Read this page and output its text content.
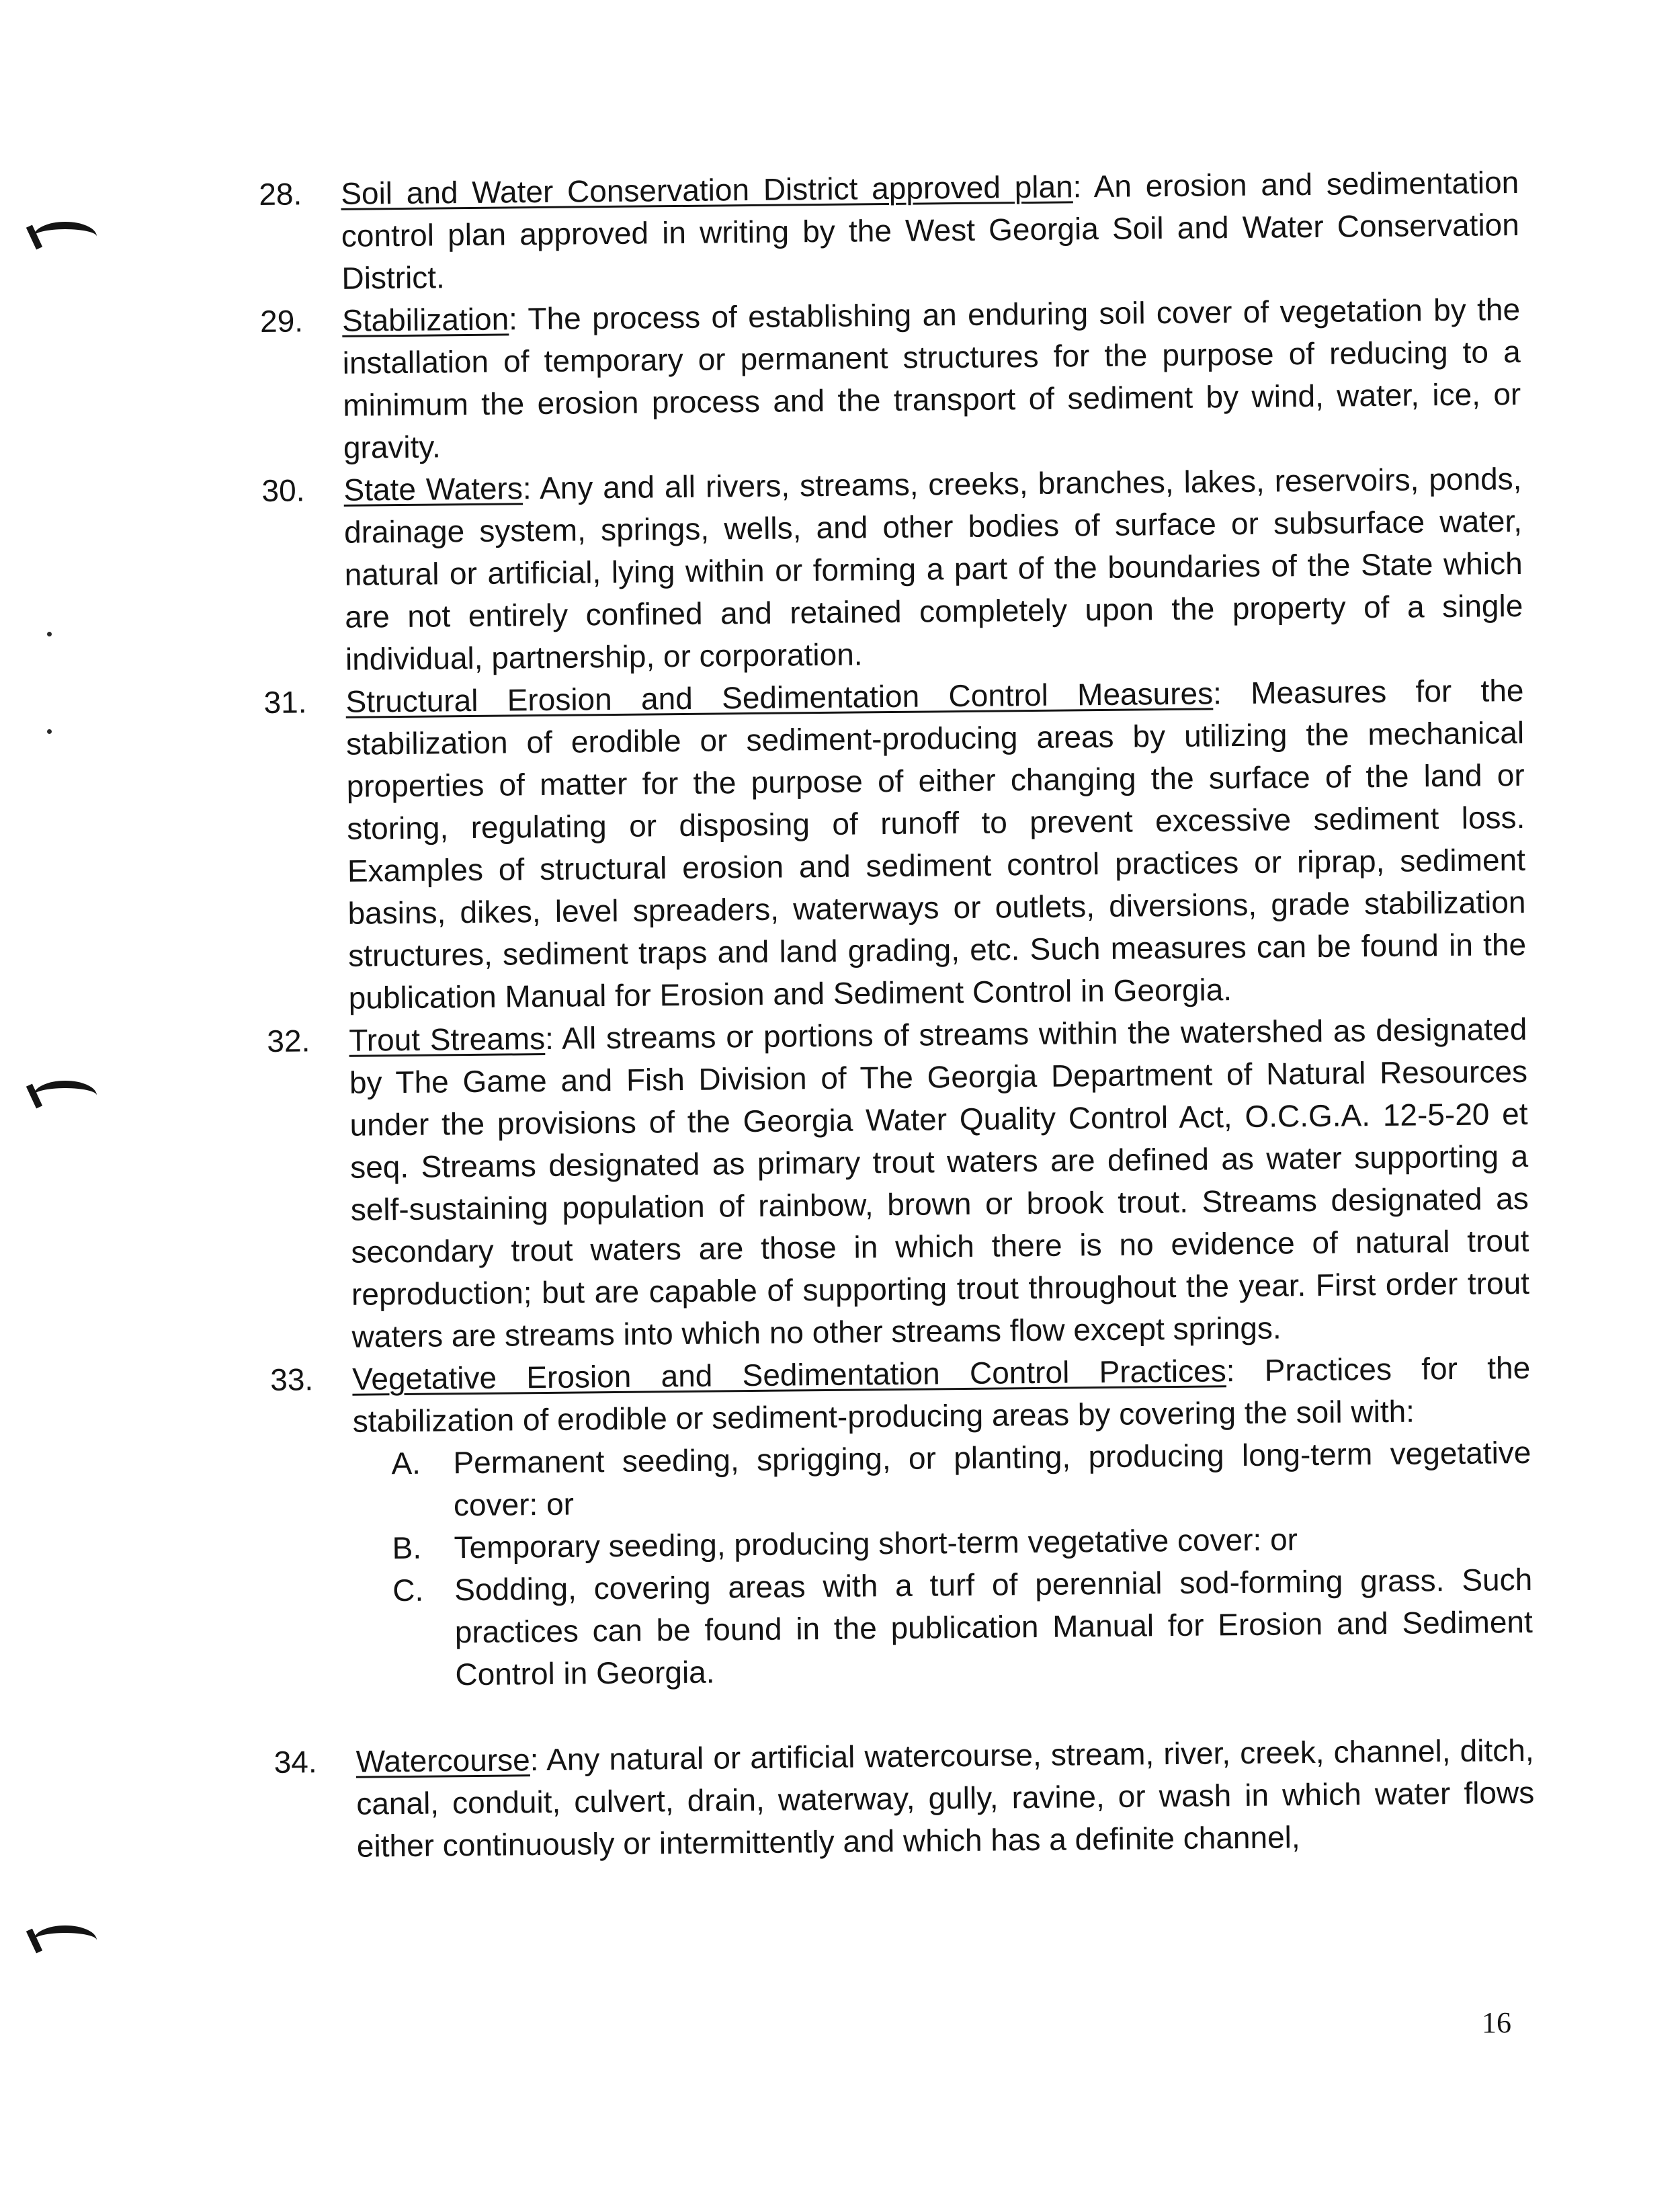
28. Soil and Water Conservation District approved plan: An erosion and sedimentation control plan approved in writing by the West Georgia Soil and Water Conservation District.
29. Stabilization: The process of establishing an enduring soil cover of vegetation by the installation of temporary or permanent structures for the purpose of reducing to a minimum the erosion process and the transport of sediment by wind, water, ice, or gravity.
30. State Waters: Any and all rivers, streams, creeks, branches, lakes, reservoirs, ponds, drainage system, springs, wells, and other bodies of surface or subsurface water, natural or artificial, lying within or forming a part of the boundaries of the State which are not entirely confined and retained completely upon the property of a single individual, partnership, or corporation.
31. Structural Erosion and Sedimentation Control Measures: Measures for the stabilization of erodible or sediment-producing areas by utilizing the mechanical properties of matter for the purpose of either changing the surface of the land or storing, regulating or disposing of runoff to prevent excessive sediment loss. Examples of structural erosion and sediment control practices or riprap, sediment basins, dikes, level spreaders, waterways or outlets, diversions, grade stabilization structures, sediment traps and land grading, etc. Such measures can be found in the publication Manual for Erosion and Sediment Control in Georgia.
32. Trout Streams: All streams or portions of streams within the watershed as designated by The Game and Fish Division of The Georgia Department of Natural Resources under the provisions of the Georgia Water Quality Control Act, O.C.G.A. 12-5-20 et seq. Streams designated as primary trout waters are defined as water supporting a self-sustaining population of rainbow, brown or brook trout. Streams designated as secondary trout waters are those in which there is no evidence of natural trout reproduction; but are capable of supporting trout throughout the year. First order trout waters are streams into which no other streams flow except springs.
33. Vegetative Erosion and Sedimentation Control Practices: Practices for the stabilization of erodible or sediment-producing areas by covering the soil with:
A. Permanent seeding, sprigging, or planting, producing long-term vegetative cover: or
B. Temporary seeding, producing short-term vegetative cover: or
C. Sodding, covering areas with a turf of perennial sod-forming grass. Such practices can be found in the publication Manual for Erosion and Sediment Control in Georgia.
34. Watercourse: Any natural or artificial watercourse, stream, river, creek, channel, ditch, canal, conduit, culvert, drain, waterway, gully, ravine, or wash in which water flows either continuously or intermittently and which has a definite channel,
16
